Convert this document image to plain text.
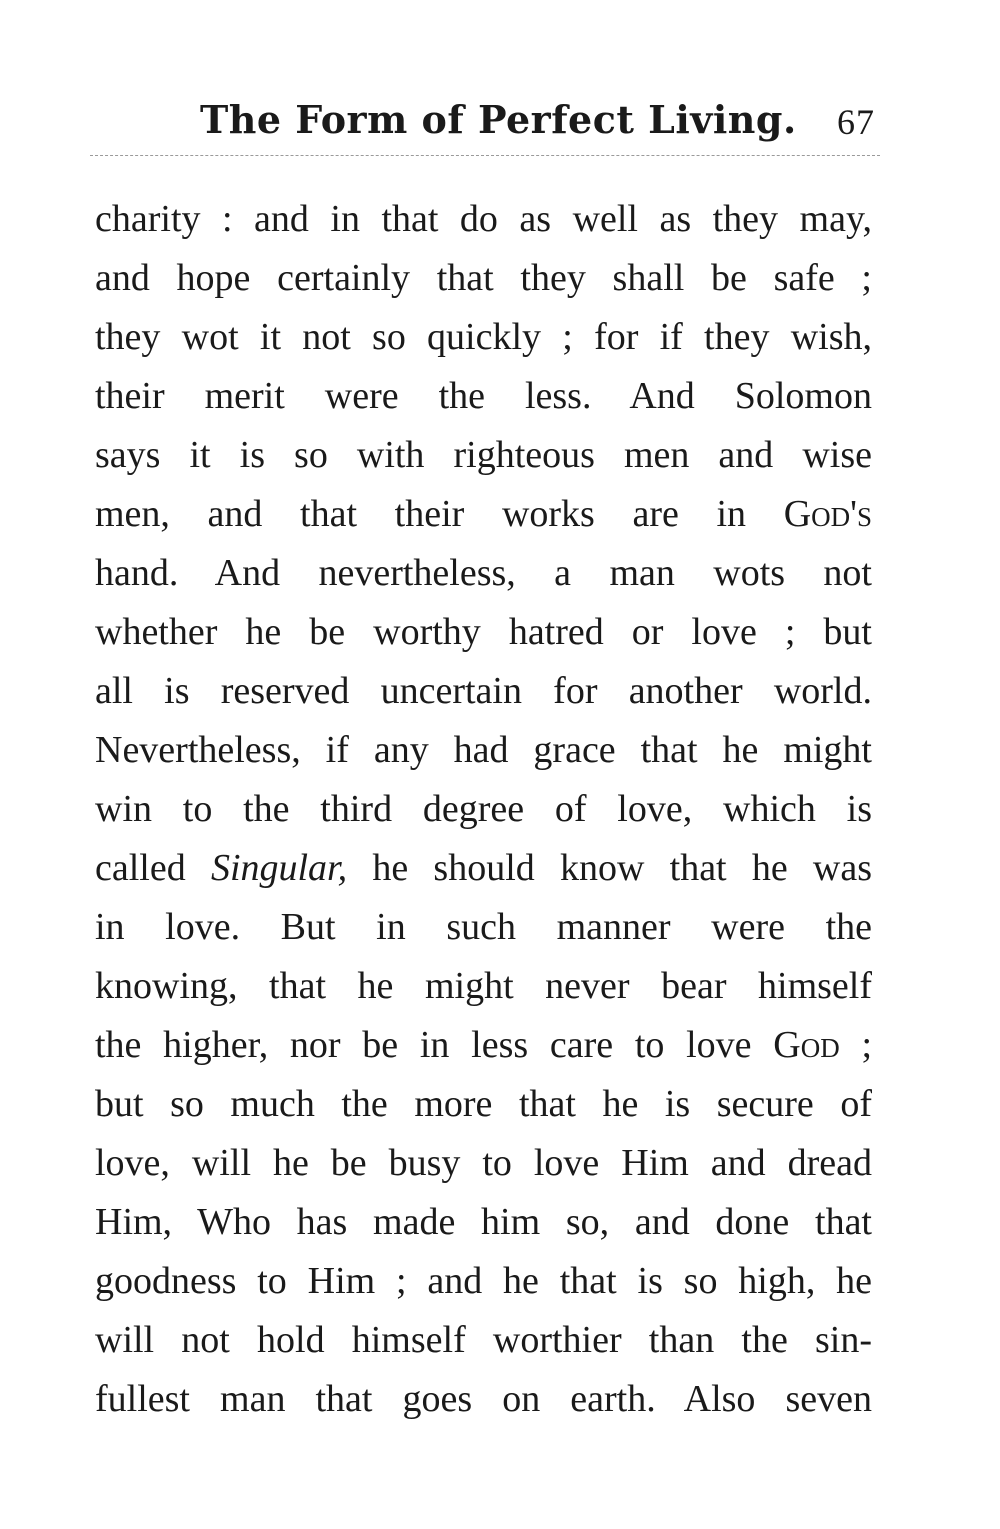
The Form of Perfect Living. 67
charity : and in that do as well as they may,
and hope certainly that they shall be safe ;
they wot it not so quickly ; for if they wish,
their merit were the less. And Solomon
says it is so with righteous men and wise
men, and that their works are in God's
hand. And nevertheless, a man wots not
whether he be worthy hatred or love ; but
all is reserved uncertain for another world.
Nevertheless, if any had grace that he might
win to the third degree of love, which is
called Singular, he should know that he was
in love. But in such manner were the
knowing, that he might never bear himself
the higher, nor be in less care to love God ;
but so much the more that he is secure of
love, will he be busy to love Him and dread
Him, Who has made him so, and done that
goodness to Him ; and he that is so high, he
will not hold himself worthier than the sin-
fullest man that goes on earth. Also seven
